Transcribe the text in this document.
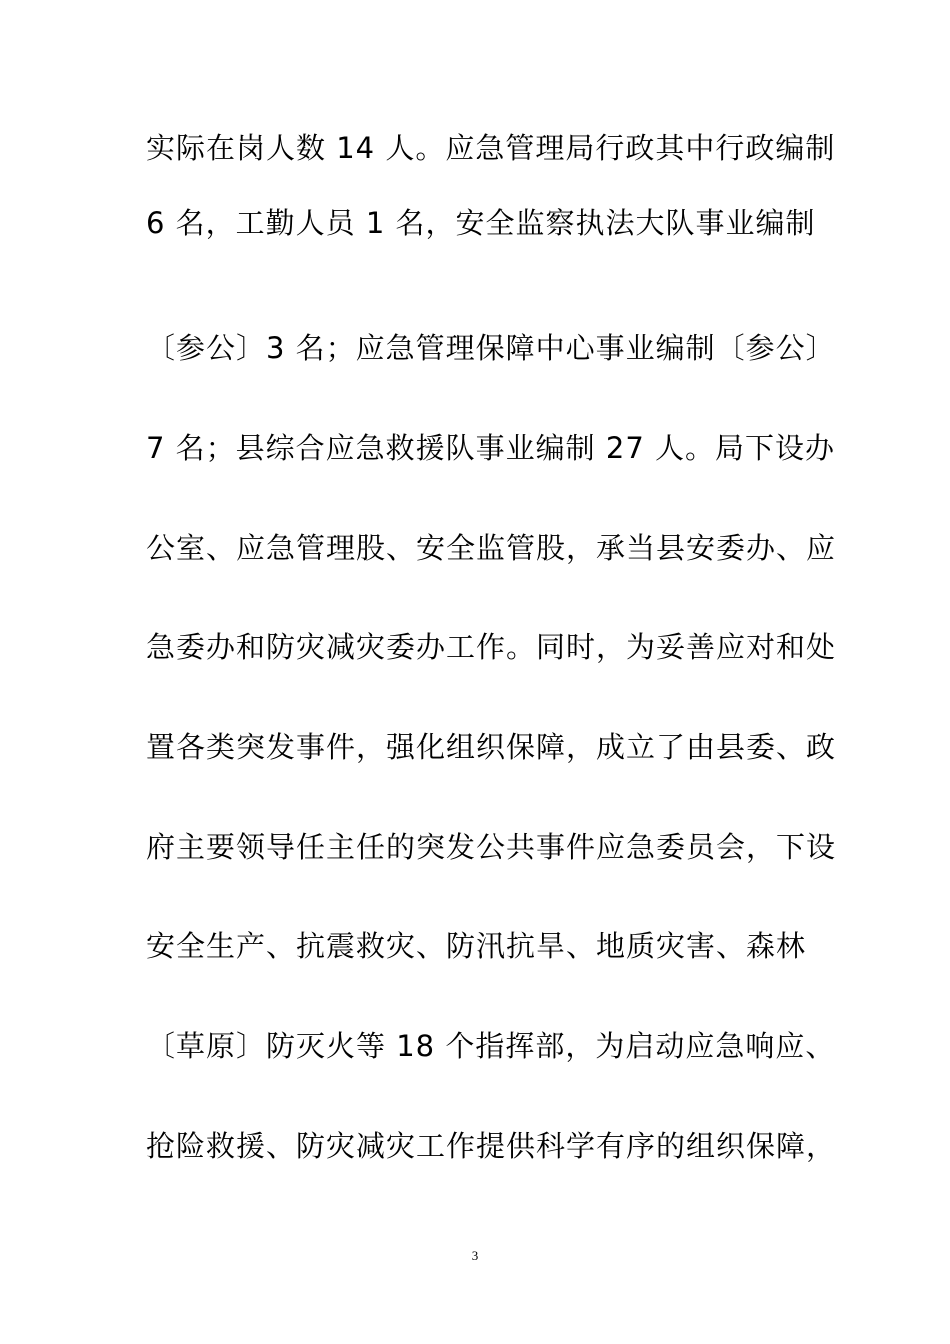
实际在岗人数 14 人。应急管理局行政其中行政编制
6 名，工勤人员 1 名，安全监察执法大队事业编制
〔参公〕3 名；应急管理保障中心事业编制〔参公〕
7 名；县综合应急救援队事业编制 27 人。局下设办
公室、应急管理股、安全监管股，承当县安委办、应
急委办和防灾减灾委办工作。同时，为妥善应对和处
置各类突发事件，强化组织保障，成立了由县委、政
府主要领导任主任的突发公共事件应急委员会，下设
安全生产、抗震救灾、防汛抗旱、地质灾害、森林
〔草原〕防灭火等 18 个指挥部，为启动应急响应、
抢险救援、防灾减灾工作提供科学有序的组织保障，
3
